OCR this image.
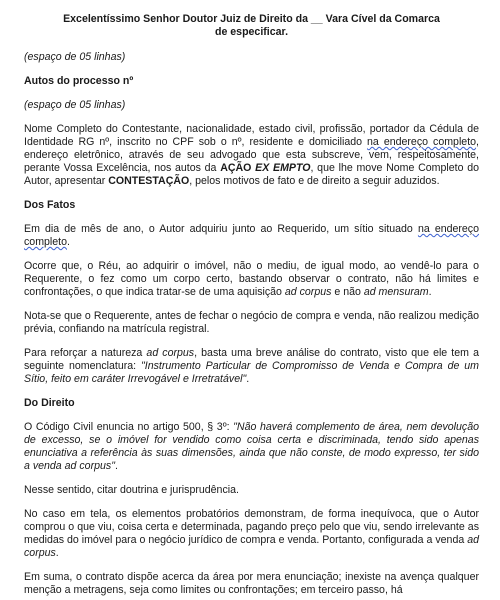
Excelentíssimo Senhor Doutor Juiz de Direito da __ Vara Cível da Comarca
de especificar.

(espaço de 05 linhas)

Autos do processo nº

(espaço de 05 linhas)

Nome Completo do Contestante, nacionalidade, estado civil, profissão, portador da Cédula de Identidade RG nº, inscrito no CPF sob o nº, residente e domiciliado na endereço completo, endereço eletrônico, através de seu advogado que esta subscreve, vem, respeitosamente, perante Vossa Excelência, nos autos da AÇÃO EX EMPTO, que lhe move Nome Completo do Autor, apresentar CONTESTAÇÃO, pelos motivos de fato e de direito a seguir aduzidos.

Dos Fatos

Em dia de mês de ano, o Autor adquiriu junto ao Requerido, um sítio situado na endereço completo.

Ocorre que, o Réu, ao adquirir o imóvel, não o mediu, de igual modo, ao vendê-lo para o Requerente, o fez como um corpo certo, bastando observar o contrato, não há limites e confrontações, o que indica tratar-se de uma aquisição ad corpus e não ad mensuram.

Nota-se que o Requerente, antes de fechar o negócio de compra e venda, não realizou medição prévia, confiando na matrícula registral.

Para reforçar a natureza ad corpus, basta uma breve análise do contrato, visto que ele tem a seguinte nomenclatura: "Instrumento Particular de Compromisso de Venda e Compra de um Sítio, feito em caráter Irrevogável e Irretratável".

Do Direito

O Código Civil enuncia no artigo 500, § 3º: "Não haverá complemento de área, nem devolução de excesso, se o imóvel for vendido como coisa certa e discriminada, tendo sido apenas enunciativa a referência às suas dimensões, ainda que não conste, de modo expresso, ter sido a venda ad corpus".

Nesse sentido, citar doutrina e jurisprudência.

No caso em tela, os elementos probatórios demonstram, de forma inequívoca, que o Autor comprou o que viu, coisa certa e determinada, pagando preço pelo que viu, sendo irrelevante as medidas do imóvel para o negócio jurídico de compra e venda. Portanto, configurada a venda ad corpus.

Em suma, o contrato dispõe acerca da área por mera enunciação; inexiste na avença qualquer menção a metragens, seja como limites ou confrontações; em terceiro passo, há
